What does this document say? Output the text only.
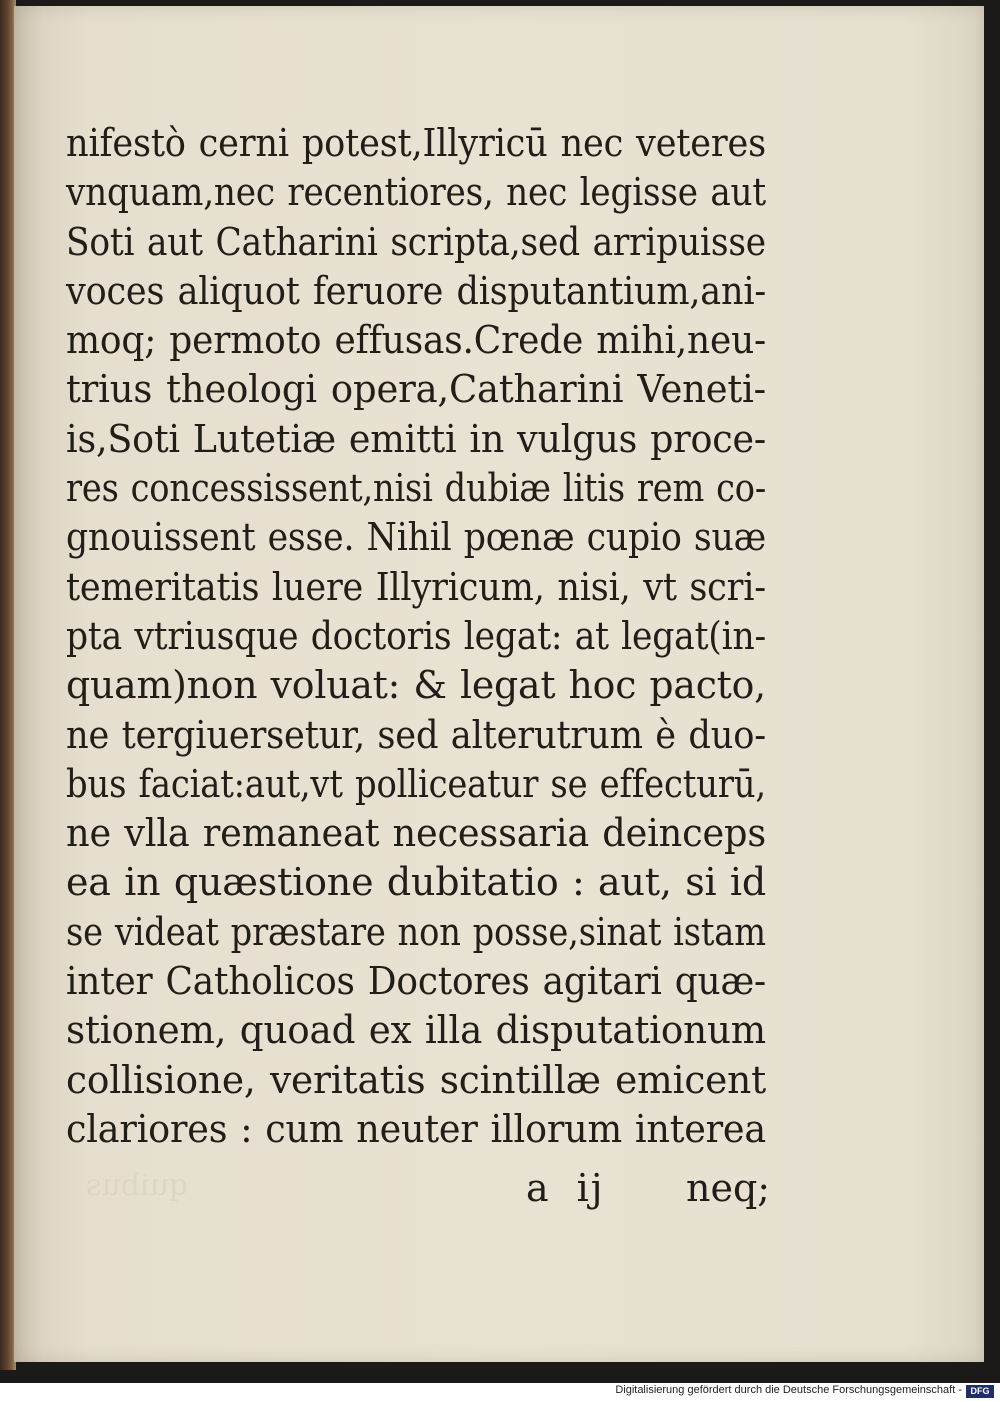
nifestò cerni potest,Illyricū nec veteres
vnquam,nec recentiores, nec legisse aut
Soti aut Catharini scripta,sed arripuisse
voces aliquot feruore disputantium,ani-
moq; permoto effusas.Crede mihi,neu-
trius theologi opera,Catharini Veneti-
is,Soti Lutetiæ emitti in vulgus proce-
res concessissent,nisi dubiæ litis rem co-
gnouissent esse. Nihil pœnæ cupio suæ
temeritatis luere Illyricum, nisi, vt scri-
pta vtriusque doctoris legat: at legat(in-
quam)non voluat: & legat hoc pacto,
ne tergiuersetur, sed alterutrum è duo-
bus faciat:aut,vt polliceatur se effecturū,
ne vlla remaneat necessaria deinceps
ea in quæstione dubitatio : aut, si id
se videat præstare non posse,sinat istam
inter Catholicos Doctores agitari quæ-
stionem, quoad ex illa disputationum
collisione, veritatis scintillæ emicent
clariores : cum neuter illorum interea
quibus	a ij	neq;
Digitalisierung gefördert durch die Deutsche Forschungsgemeinschaft - DFG
